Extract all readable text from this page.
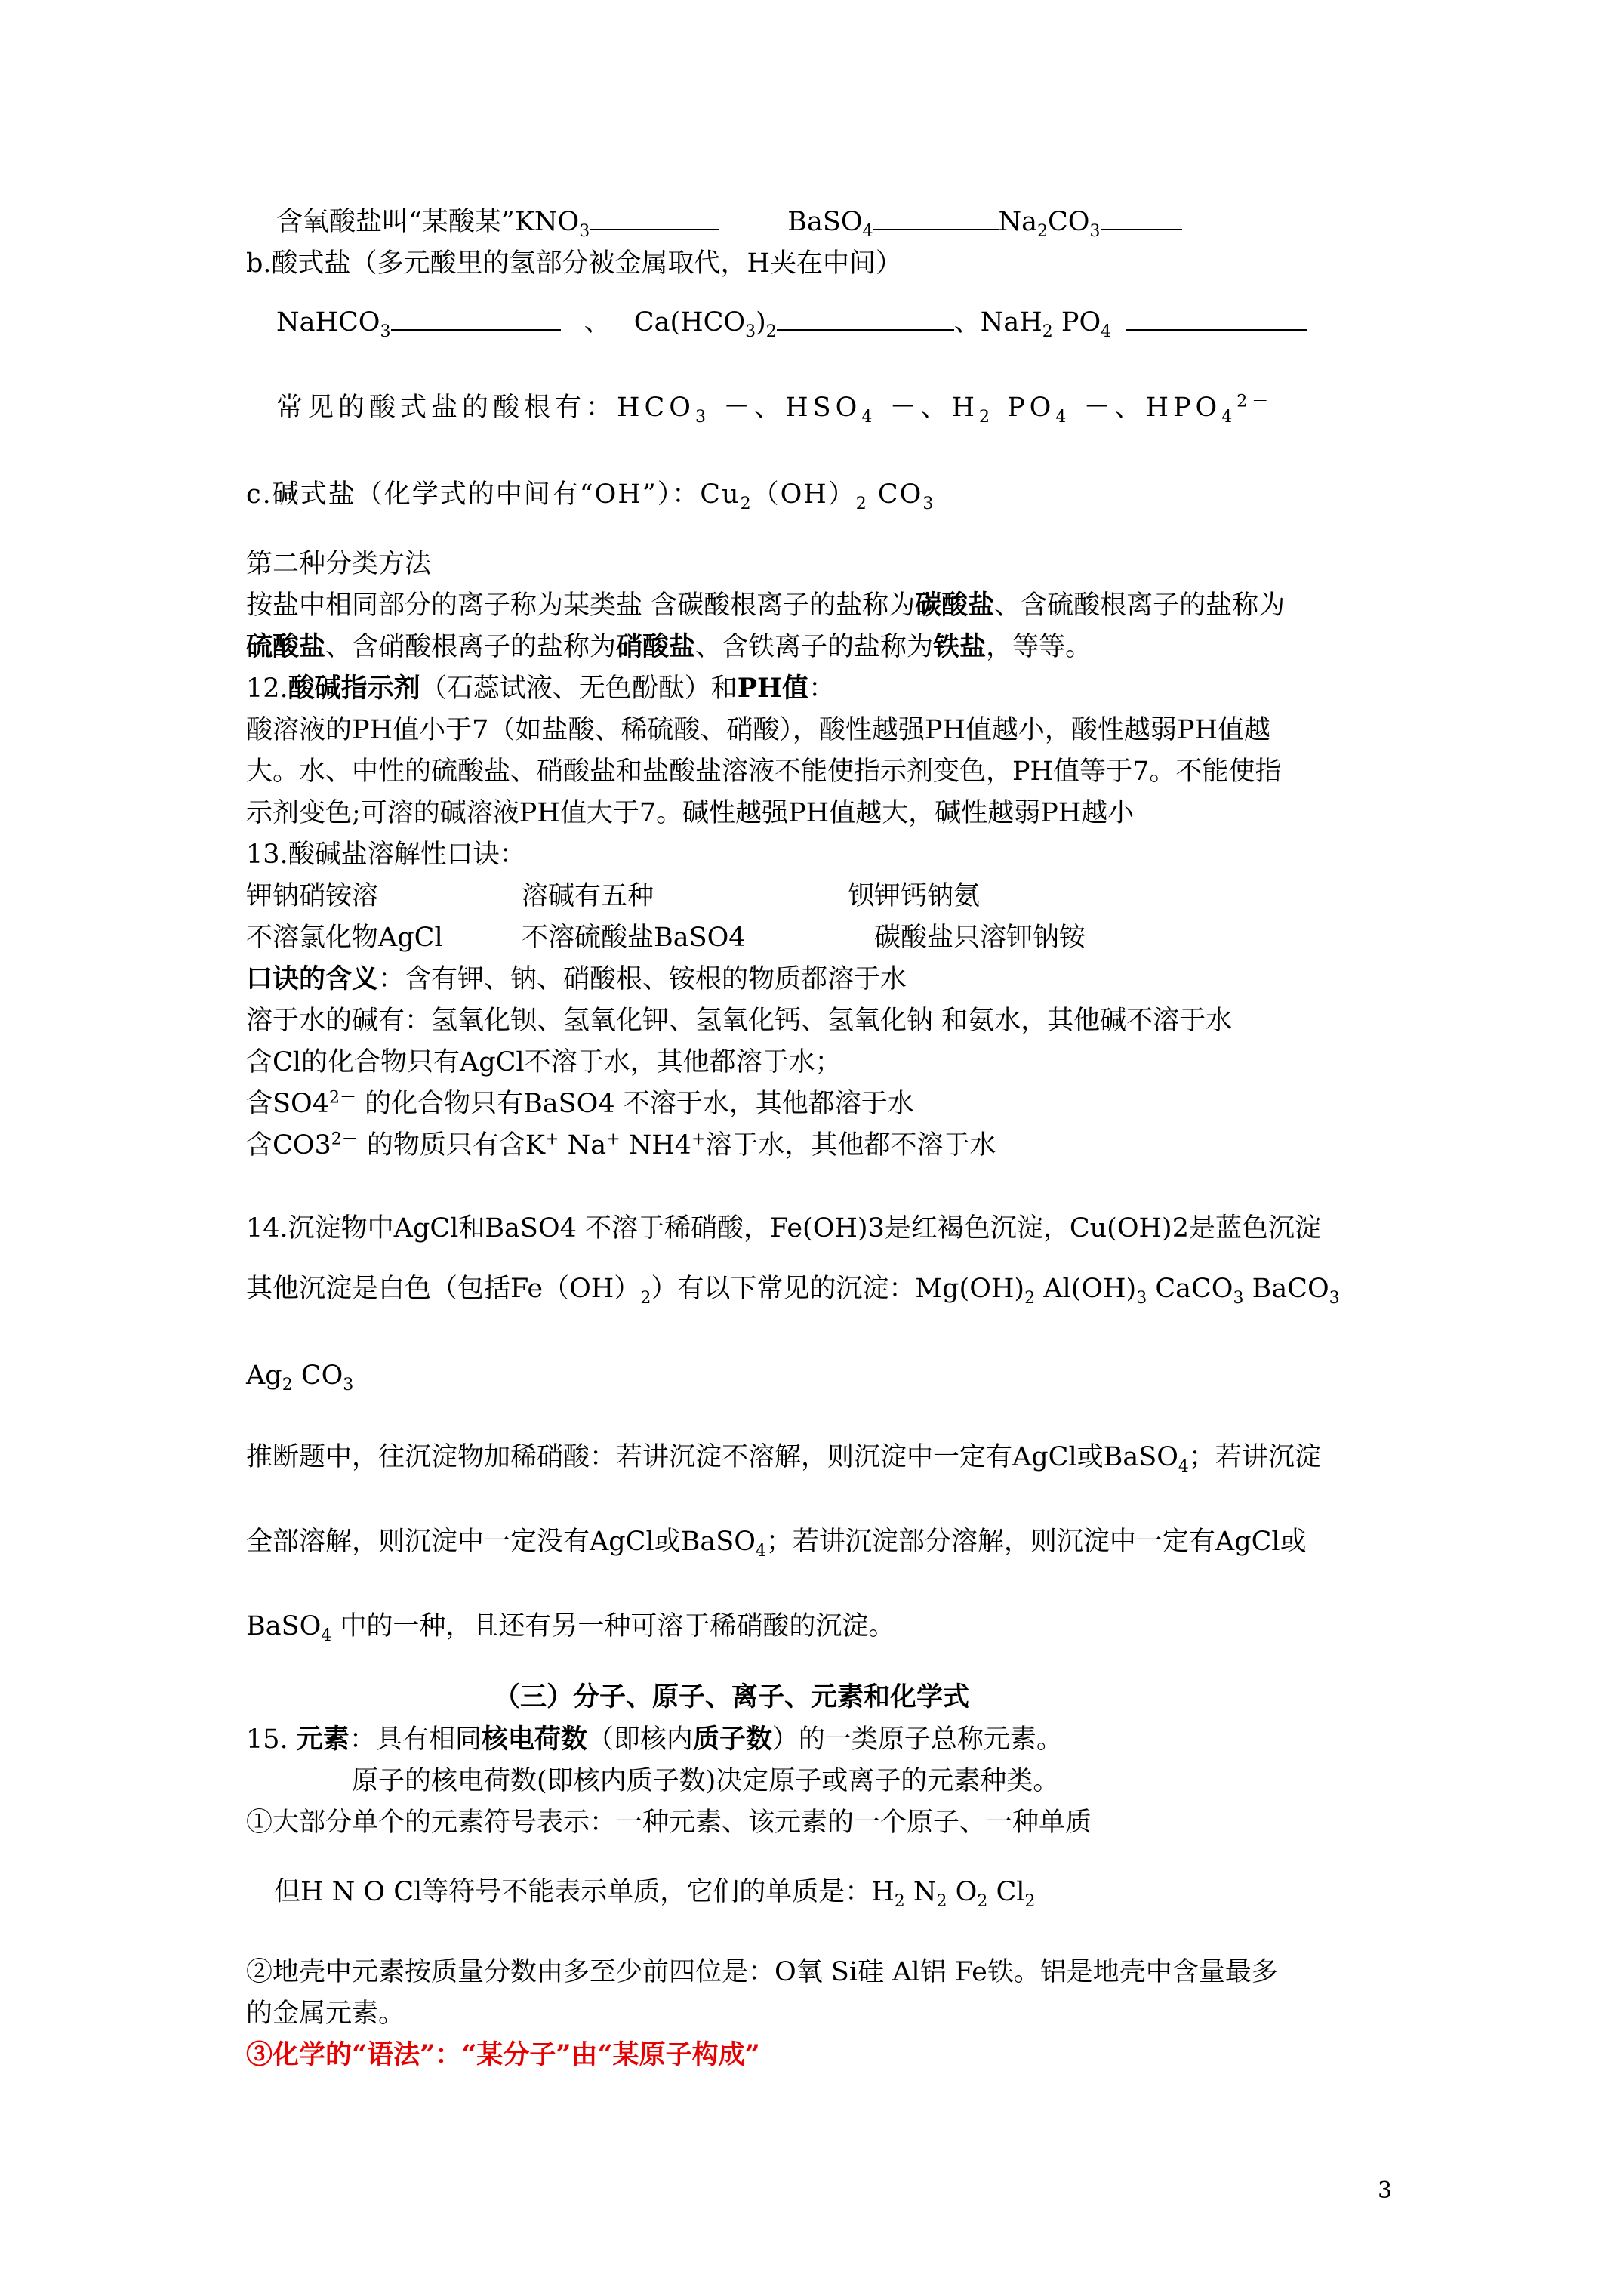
含氧酸盐叫“某酸某$”KNO_3$	BaSO$_4$	$Na_2CO_3$
b.酸式盐（多元酸里的氢部分被金属取代，H夹在中间）
NaHCO$_3$	、 $Ca(HCO_3)_2$	、NaH$_2$ $PO_4$
常见的酸式盐的酸根有：$HCO_3$ －、$HSO_4$ －、$H_2$ $PO_4$ －、$HPO_4^{2-}$
c.碱式盐（化学式的中间有“OH”）：$Cu_2(OH)_2$ $CO_3$
第二种分类方法
按盐中相同部分的离子称为某类盐 含碳酸根离子的盐称为碳酸盐、含硫酸根离子的盐称为
硫酸盐、含硝酸根离子的盐称为硝酸盐、含铁离子的盐称为铁盐，等等。
12.酸碱指示剂（石蕊试液、无色酚酞）和PH值：
酸溶液的PH值小于7（如盐酸、稀硫酸、硝酸），酸性越强PH值越小，酸性越弱PH值越
大。水、中性的硫酸盐、硝酸盐和盐酸盐溶液不能使指示剂变色，PH值等于7。不能使指
示剂变色;可溶的碱溶液PH值大于7。碱性越强PH值越大，碱性越弱PH越小
13.酸碱盐溶解性口诀：
钾钠硝铵溶	溶碱有五种	钡钾钙钠氨
不溶氯化物AgCl	不溶硫酸盐BaSO4	碳酸盐只溶钾钠铵
口诀的含义：含有钾、钠、硝酸根、铵根的物质都溶于水
溶于水的碱有：氢氧化钡、氢氧化钾、氢氧化钙、氢氧化钠 和氨水，其他碱不溶于水
含Cl的化合物只有AgCl不溶于水，其他都溶于水；
含$SO4^{2-}$ 的化合物只有BaSO4 不溶于水，其他都溶于水
含$CO3^{2-}$ 的物质只有含K+ Na+ NH4+溶于水，其他都不溶于水
14.沉淀物中AgCl和BaSO4 不溶于稀硝酸，Fe(OH)3是红褐色沉淀，Cu(OH)2是蓝色沉淀
其他沉淀是白色（包括$Fe(OH)_2$）有以下常见的沉淀：$Mg(OH)_2$ $Al(OH)_3$ CaCO$_3$ BaCO$_3$
$Ag_2$ $CO_3$
推断题中，往沉淀物加稀硝酸：若讲沉淀不溶解，则沉淀中一定有AgCl或BaSO$_4$；若讲沉淀
全部溶解，则沉淀中一定没有AgCl或BaSO$_4$；若讲沉淀部分溶解，则沉淀中一定有AgCl或
BaSO$_4$ 中的一种，且还有另一种可溶于稀硝酸的沉淀。
（三）分子、原子、离子、元素和化学式
15. 元素：具有相同核电荷数（即核内质子数）的一类原子总称元素。
原子的核电荷数(即核内质子数)决定原子或离子的元素种类。
①大部分单个的元素符号表示：一种元素、该元素的一个原子、一种单质
但H N O Cl等符号不能表示单质，它们的单质是：$H_2$ $N_2$ $O_2$ $Cl_2$
②地壳中元素按质量分数由多至少前四位是：O氧 Si硅 Al铝 Fe铁。铝是地壳中含量最多
的金属元素。
③化学的“语法”：“某分子”由“某原子构成”
3
